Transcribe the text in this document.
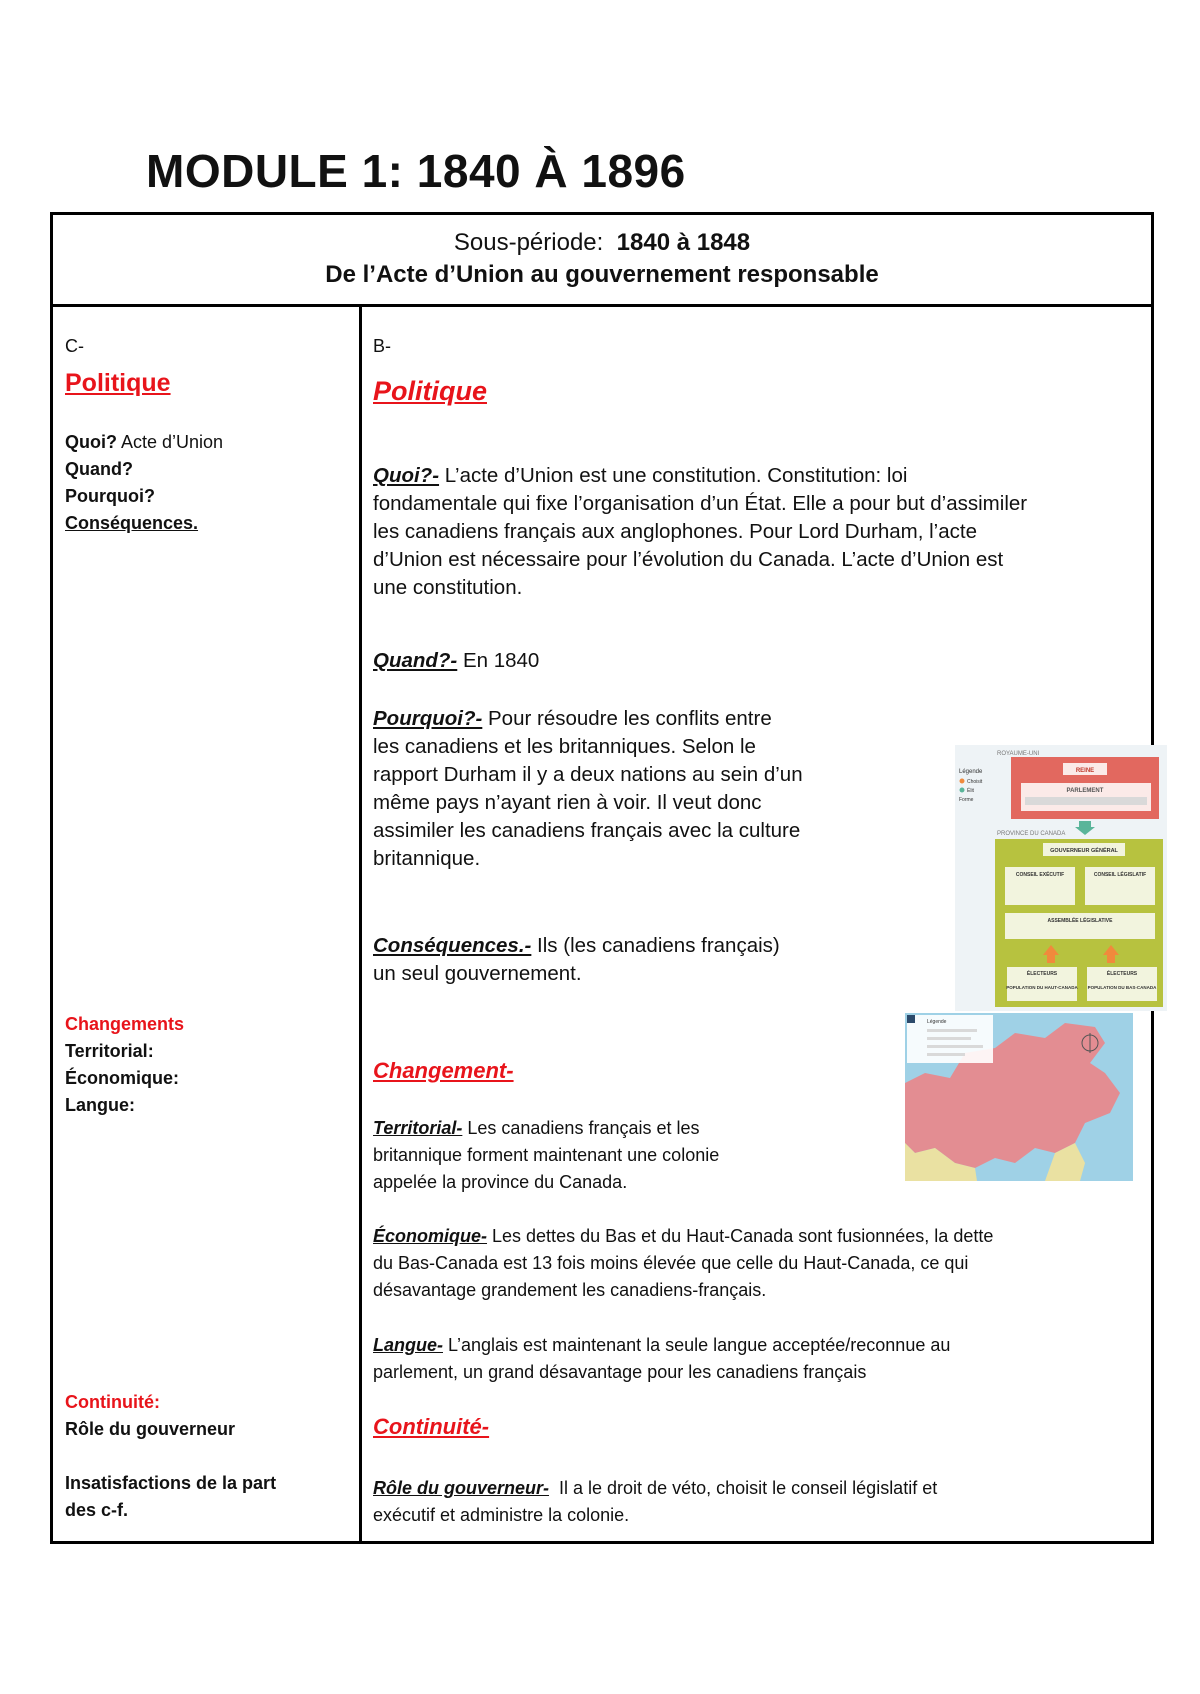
MODULE 1: 1840 À 1896
Sous-période: 1840 à 1848
De l’Acte d’Union au gouvernement responsable
C-
Politique
Quoi? Acte d’Union
Quand?
Pourquoi?
Conséquences.
Changements
Territorial:
Économique:
Langue:
Continuité:
Rôle du gouverneur
Insatisfactions de la part
des c-f.
B-
Politique
Quoi?- L’acte d’Union est une constitution. Constitution: loi
fondamentale qui fixe l’organisation d’un État. Elle a pour but d’assimiler
les canadiens français aux anglophones. Pour Lord Durham, l’acte
d’Union est nécessaire pour l’évolution du Canada. L’acte d’Union est
une constitution.
Quand?- En 1840
Pourquoi?- Pour résoudre les conflits entre
les canadiens et les britanniques. Selon le
rapport Durham il y a deux nations au sein d’un
même pays n’ayant rien à voir. Il veut donc
assimiler les canadiens français avec la culture
britannique.
Conséquences.- Ils (les canadiens français)
un seul gouvernement.
ROYAUME-UNI
Légende
Choisit
Élit
Forme
REINE
PARLEMENT
PROVINCE DU CANADA
GOUVERNEUR GÉNÉRAL
CONSEIL EXÉCUTIF	CONSEIL LÉGISLATIF
ASSEMBLÉE LÉGISLATIVE
ÉLECTEURS
POPULATION DU HAUT-CANADA
ÉLECTEURS
POPULATION DU BAS-CANADA
Changement-
Légende
Territorial- Les canadiens français et les
britannique forment maintenant une colonie
appelée la province du Canada.
Économique- Les dettes du Bas et du Haut-Canada sont fusionnées, la dette
du Bas-Canada est 13 fois moins élevée que celle du Haut-Canada, ce qui
désavantage grandement les canadiens-français.
Langue- L’anglais est maintenant la seule langue acceptée/reconnue au
parlement, un grand désavantage pour les canadiens français
Continuité-
Rôle du gouverneur-  Il a le droit de véto, choisit le conseil législatif et
exécutif et administre la colonie.
